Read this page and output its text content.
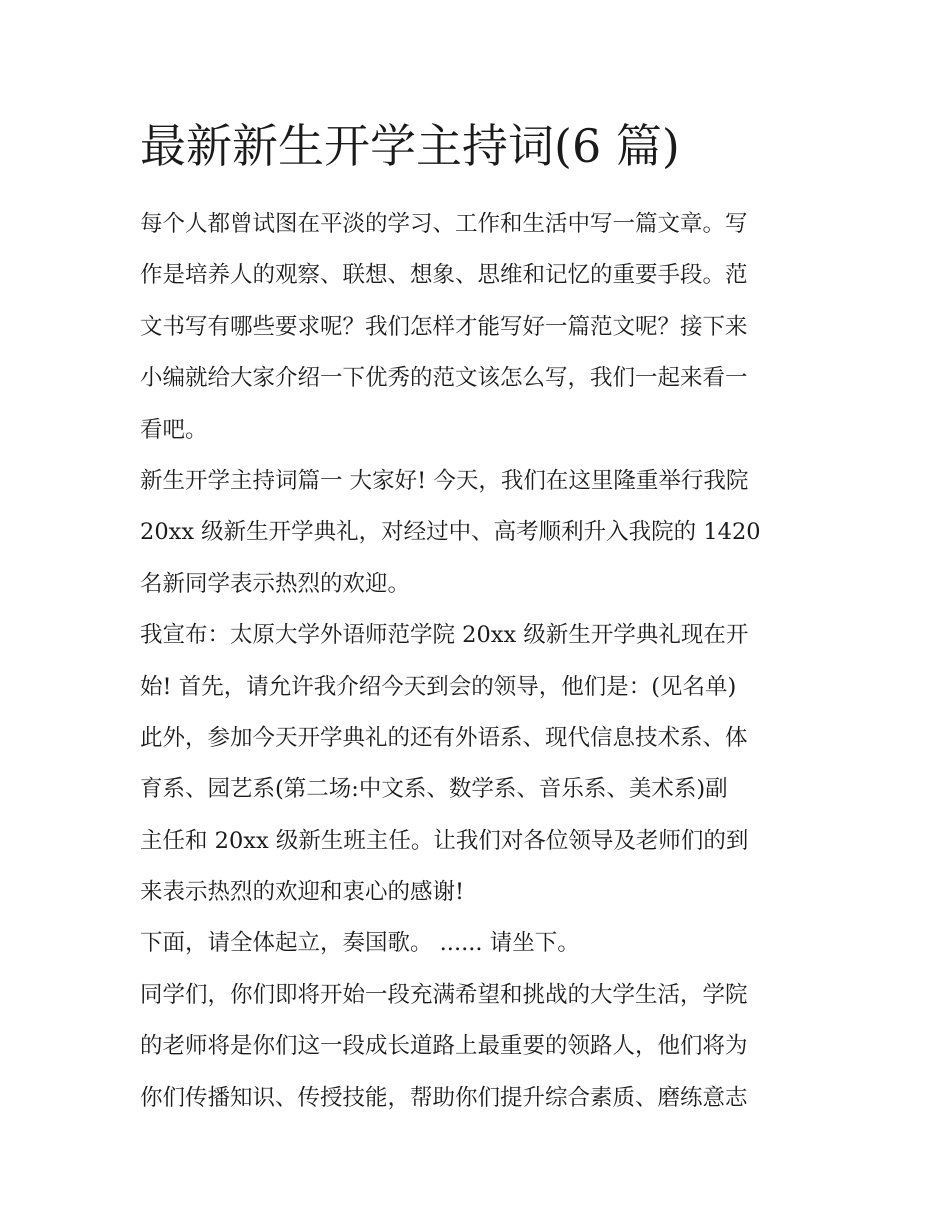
最新新生开学主持词(6 篇)

每个人都曾试图在平淡的学习、工作和生活中写一篇文章。写
作是培养人的观察、联想、想象、思维和记忆的重要手段。范
文书写有哪些要求呢？我们怎样才能写好一篇范文呢？接下来
小编就给大家介绍一下优秀的范文该怎么写，我们一起来看一
看吧。

新生开学主持词篇一 大家好! 今天，我们在这里隆重举行我院
20xx 级新生开学典礼，对经过中、高考顺利升入我院的 1420
名新同学表示热烈的欢迎。

我宣布：太原大学外语师范学院 20xx 级新生开学典礼现在开
始! 首先，请允许我介绍今天到会的领导，他们是：(见名单)
此外，参加今天开学典礼的还有外语系、现代信息技术系、体
育系、园艺系(第二场:中文系、数学系、音乐系、美术系)副
主任和 20xx 级新生班主任。让我们对各位领导及老师们的到
来表示热烈的欢迎和衷心的感谢!

下面，请全体起立，奏国歌。 ...... 请坐下。

同学们，你们即将开始一段充满希望和挑战的大学生活，学院
的老师将是你们这一段成长道路上最重要的领路人，他们将为
你们传播知识、传授技能，帮助你们提升综合素质、磨练意志
